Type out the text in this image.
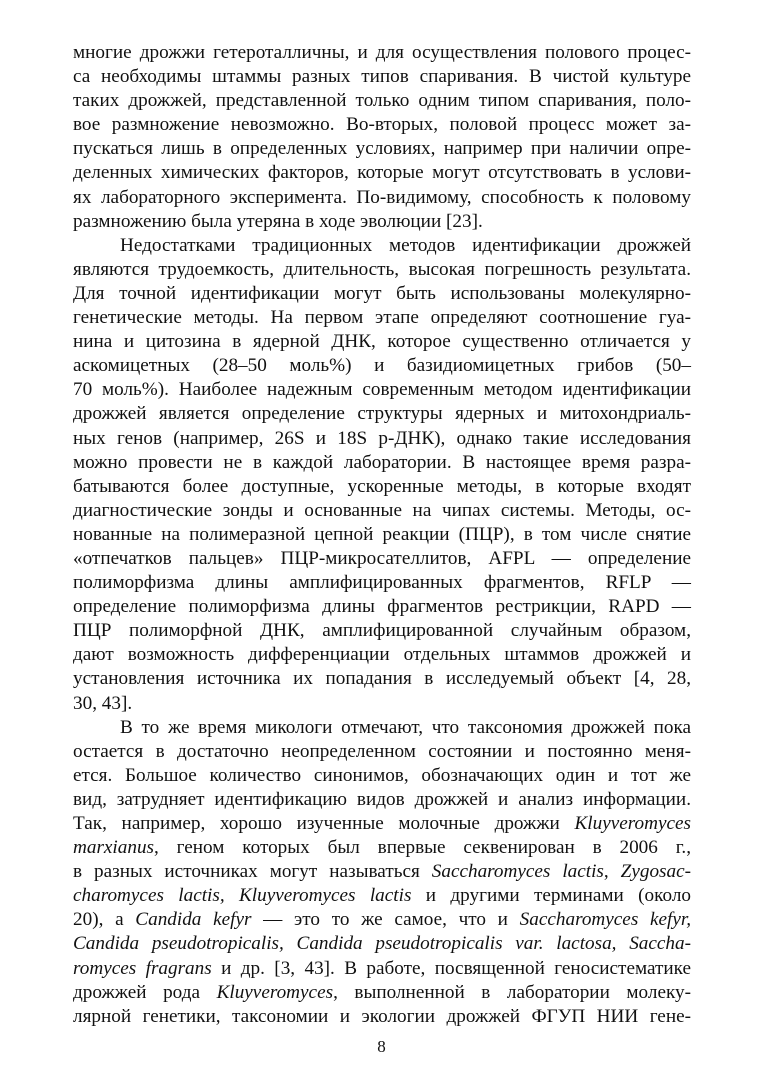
многие дрожжи гетероталличны, и для осуществления полового процес-
са необходимы штаммы разных типов спаривания. В чистой культуре
таких дрожжей, представленной только одним типом спаривания, поло-
вое размножение невозможно. Во-вторых, половой процесс может за-
пускаться лишь в определенных условиях, например при наличии опре-
деленных химических факторов, которые могут отсутствовать в услови-
ях лабораторного эксперимента. По-видимому, способность к половому
размножению была утеряна в ходе эволюции [23].
Недостатками традиционных методов идентификации дрожжей
являются трудоемкость, длительность, высокая погрешность результата.
Для точной идентификации могут быть использованы молекулярно-
генетические методы. На первом этапе определяют соотношение гуа-
нина и цитозина в ядерной ДНК, которое существенно отличается у
аскомицетных (28–50 моль%) и базидиомицетных грибов (50–
70 моль%). Наиболее надежным современным методом идентификации
дрожжей является определение структуры ядерных и митохондриаль-
ных генов (например, 26S и 18S р-ДНК), однако такие исследования
можно провести не в каждой лаборатории. В настоящее время разра-
батываются более доступные, ускоренные методы, в которые входят
диагностические зонды и основанные на чипах системы. Методы, ос-
нованные на полимеразной цепной реакции (ПЦР), в том числе снятие
«отпечатков пальцев» ПЦР-микросателлитов, AFPL — определение
полиморфизма длины амплифицированных фрагментов, RFLP —
определение полиморфизма длины фрагментов рестрикции, RAPD —
ПЦР полиморфной ДНК, амплифицированной случайным образом,
дают возможность дифференциации отдельных штаммов дрожжей и
установления источника их попадания в исследуемый объект [4, 28,
30, 43].
В то же время микологи отмечают, что таксономия дрожжей пока
остается в достаточно неопределенном состоянии и постоянно меня-
ется. Большое количество синонимов, обозначающих один и тот же
вид, затрудняет идентификацию видов дрожжей и анализ информации.
Так, например, хорошо изученные молочные дрожжи Kluyveromyces
marxianus, геном которых был впервые секвенирован в 2006 г.,
в разных источниках могут называться Saccharomyces lactis, Zygosac-
charomyces lactis, Kluyveromyces lactis и другими терминами (около
20), а Candida kefyr — это то же самое, что и Saccharomyces kefyr,
Candida pseudotropicalis, Candida pseudotropicalis var. lactosa, Saccha-
romyces fragrans и др. [3, 43]. В работе, посвященной геносистематике
дрожжей рода Kluyveromyces, выполненной в лаборатории молеку-
лярной генетики, таксономии и экологии дрожжей ФГУП НИИ гене-
8
